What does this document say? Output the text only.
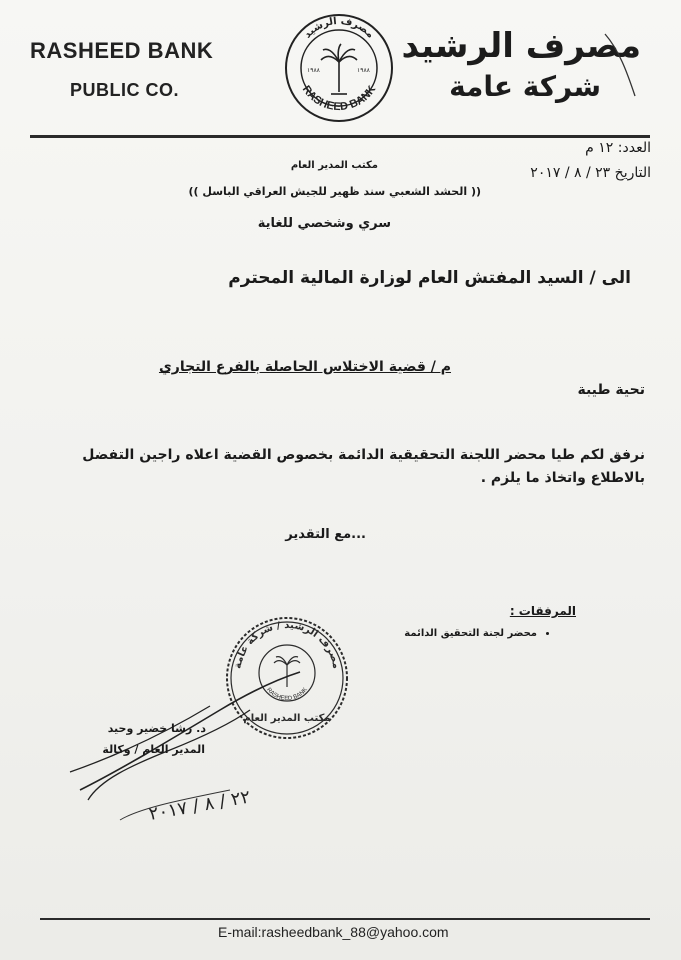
RASHEED BANK
PUBLIC CO.	RASHEED BANK
مصرف الرشيد
١٩٨٨	١٩٨٨
مصرف الرشيد
شركة عامة
العدد: ١٢ م
التاريخ ٢٣ / ٨ / ٢٠١٧
مكتب المدير العام
(( الحشد الشعبي سند ظهير للجيش العراقي الباسل ))
سري وشخصي للغاية
الى / السيد المفتش العام لوزارة المالية المحترم
م / قضية الاختلاس الحاصلة بالفرع التجاري
تحية طيبة
نرفق لكم طيا محضر اللجنة التحقيقية الدائمة بخصوص القضية اعلاه راجين التفضل بالاطلاع واتخاذ ما يلزم .
...مع التقدير
المرفقات :
• محضر لجنة التحقيق الدائمة
مصرف الرشيد / شركة عامة
RASHEED BANK
مكتب المدير العام
٢٢ / ٨ / ٢٠١٧
د. رشا خضير وحيد
المدير العام / وكالة
E-mail:rasheedbank_88@yahoo.com
